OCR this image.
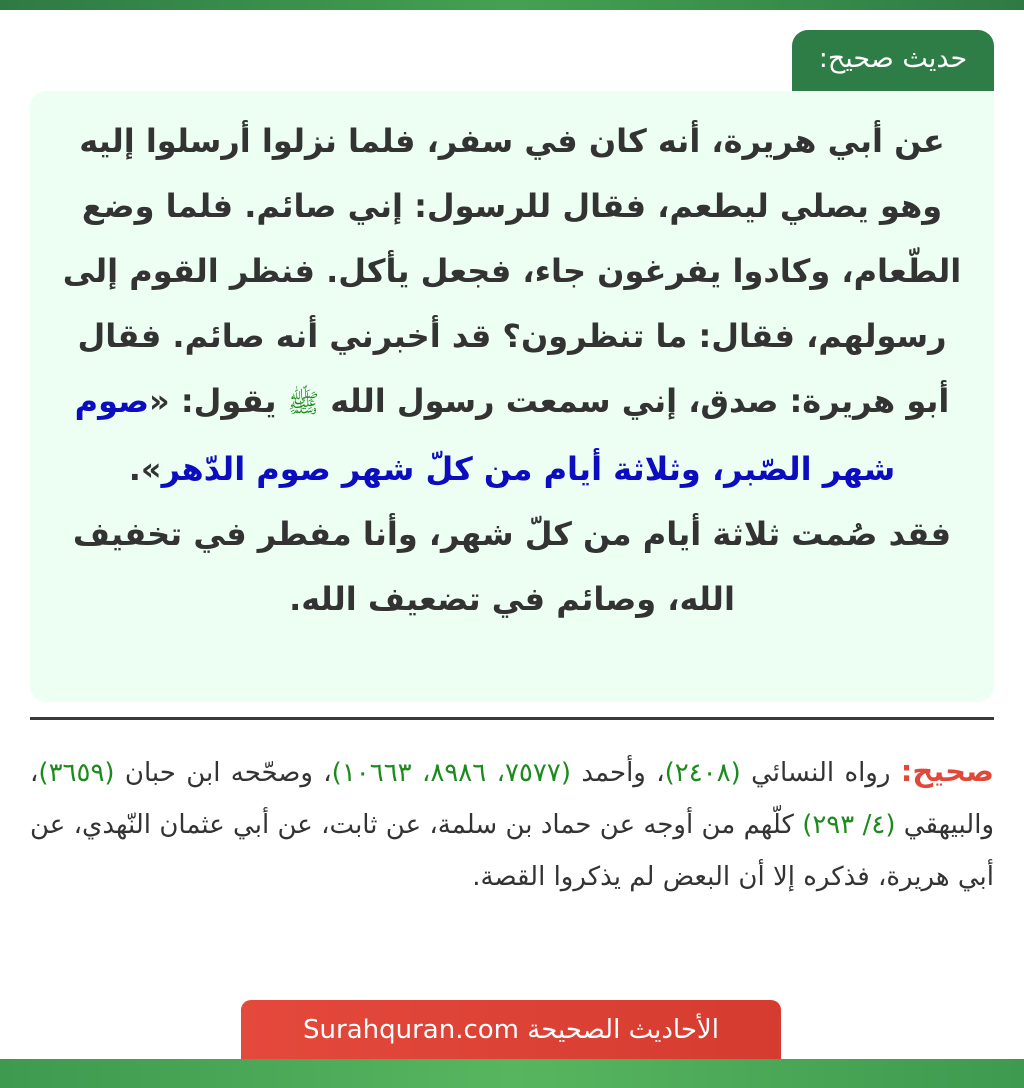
حديث صحيح:

عن أبي هريرة، أنه كان في سفر، فلما نزلوا أرسلوا إليه وهو يصلي ليطعم، فقال للرسول: إني صائم. فلما وضع الطّعام، وكادوا يفرغون جاء، فجعل يأكل. فنظر القوم إلى رسولهم، فقال: ما تنظرون؟ قد أخبرني أنه صائم. فقال أبو هريرة: صدق، إني سمعت رسول الله ﷺ يقول: «صوم شهر الصّبر، وثلاثة أيام من كلّ شهر صوم الدّهر».
فقد صُمت ثلاثة أيام من كلّ شهر، وأنا مفطر في تخفيف الله، وصائم في تضعيف الله.

صحيح: رواه النسائي (٢٤٠٨)، وأحمد (٧٥٧٧، ٨٩٨٦، ١٠٦٦٣)، وصحّحه ابن حبان (٣٦٥٩)، والبيهقي (٤/ ٢٩٣) كلّهم من أوجه عن حماد بن سلمة، عن ثابت، عن أبي عثمان النّهدي، عن أبي هريرة، فذكره إلا أن البعض لم يذكروا القصة.

الأحاديث الصحيحة Surahquran.com
